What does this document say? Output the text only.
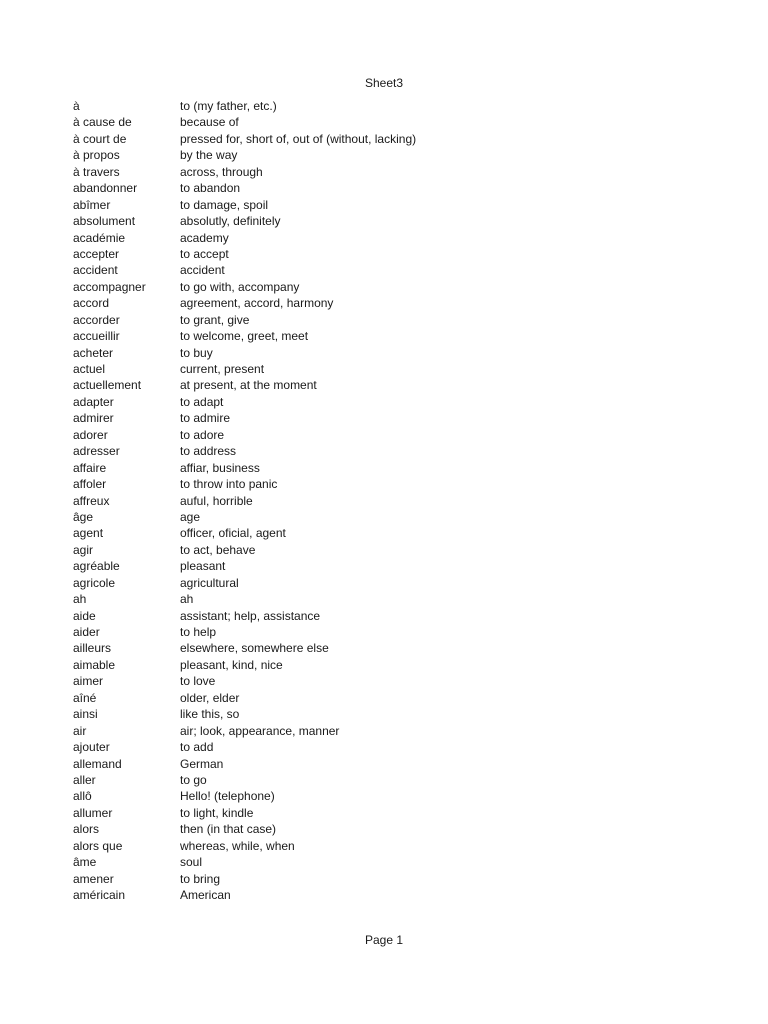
Sheet3
à	to (my father, etc.)
à cause de	because of
à court de	pressed for, short of, out of (without, lacking)
à propos	by the way
à travers	across, through
abandonner	to abandon
abîmer	to damage, spoil
absolument	absolutly, definitely
académie	academy
accepter	to accept
accident	accident
accompagner	to go with, accompany
accord	agreement, accord, harmony
accorder	to grant, give
accueillir	to welcome, greet, meet
acheter	to buy
actuel	current, present
actuellement	at present, at the moment
adapter	to adapt
admirer	to admire
adorer	to adore
adresser	to address
affaire	affiar, business
affoler	to throw into panic
affreux	auful, horrible
âge	age
agent	officer, oficial, agent
agir	to act, behave
agréable	pleasant
agricole	agricultural
ah	ah
aide	assistant; help, assistance
aider	to help
ailleurs	elsewhere, somewhere else
aimable	pleasant, kind, nice
aimer	to love
aîné	older, elder
ainsi	like this, so
air	air; look, appearance, manner
ajouter	to add
allemand	German
aller	to go
allô	Hello! (telephone)
allumer	to light, kindle
alors	then (in that case)
alors que	whereas, while, when
âme	soul
amener	to bring
américain	American
Page 1
